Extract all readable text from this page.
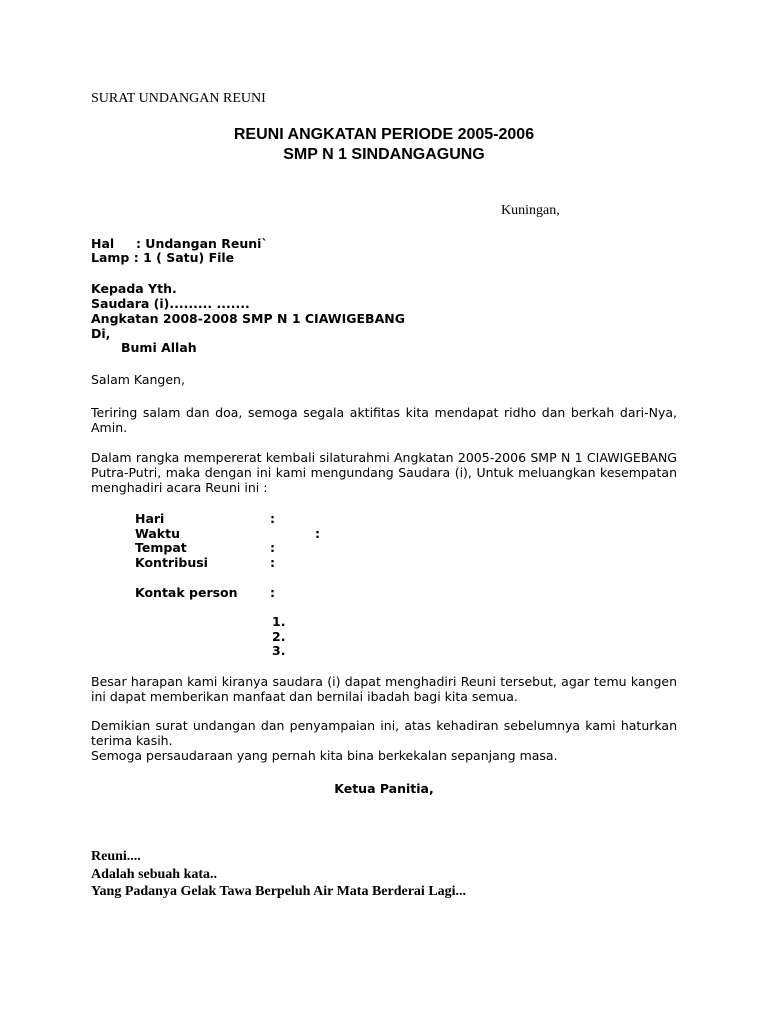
SURAT UNDANGAN REUNI
REUNI ANGKATAN PERIODE 2005-2006
SMP N 1 SINDANGAGUNG
Kuningan,
Hal     : Undangan Reuni`
Lamp : 1 ( Satu) File
Kepada Yth.
Saudara (i)......... .......
Angkatan 2008-2008 SMP N 1 CIAWIGEBANG
Di,
Bumi Allah
Salam Kangen,

Teriring salam dan doa, semoga segala aktifitas kita mendapat ridho dan berkah dari-Nya, Amin.

Dalam rangka mempererat kembali silaturahmi Angkatan 2005-2006 SMP N 1 CIAWIGEBANG Putra-Putri, maka dengan ini kami mengundang Saudara (i), Untuk meluangkan kesempatan menghadiri acara Reuni ini :

Hari	:
Waktu	:
Tempat	:
Kontribusi	:
Kontak person	:
1.
2.
3.

Besar harapan kami kiranya saudara (i) dapat menghadiri Reuni tersebut, agar temu kangen ini dapat memberikan manfaat dan bernilai ibadah bagi kita semua.

Demikian surat undangan dan penyampaian ini, atas kehadiran sebelumnya kami haturkan terima kasih.

Semoga persaudaraan yang pernah kita bina berkekalan sepanjang masa.

Ketua Panitia,
Reuni....
Adalah sebuah kata..
Yang Padanya Gelak Tawa Berpeluh Air Mata Berderai Lagi...
